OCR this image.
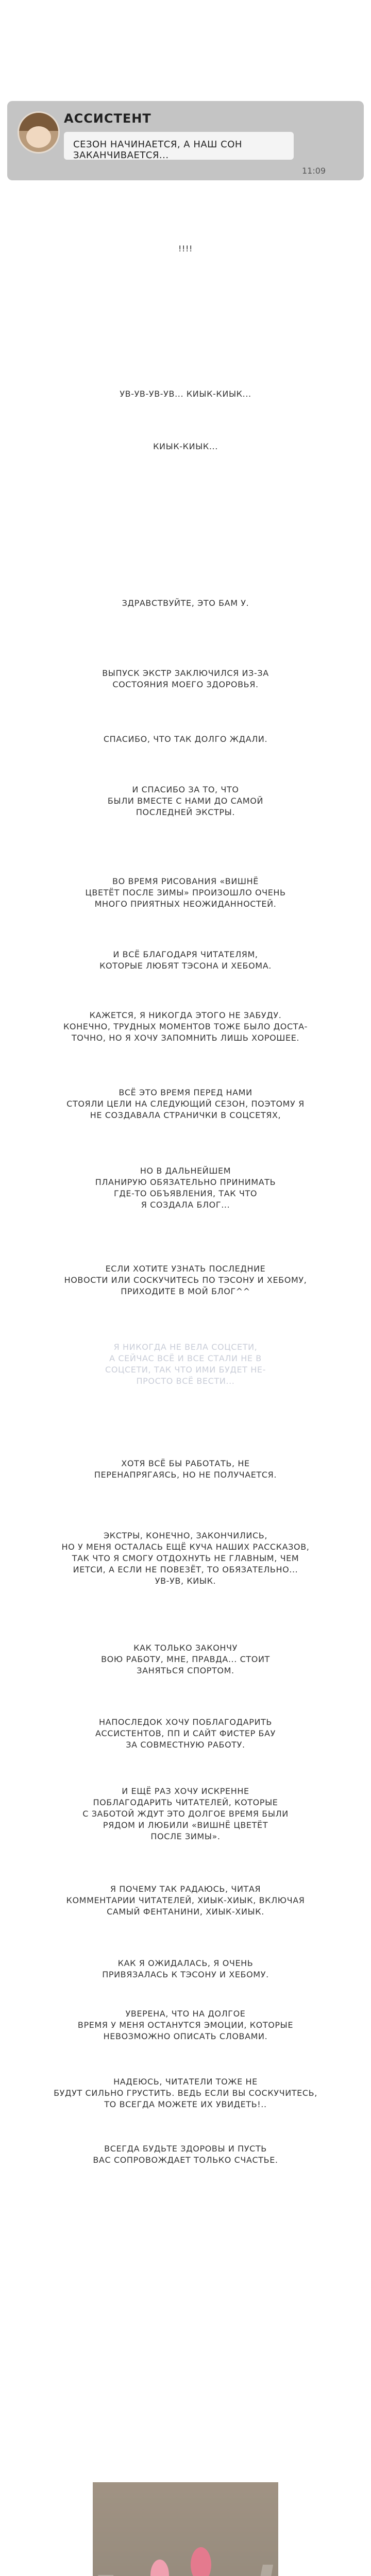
АССИСТЕНТ
СЕЗОН НАЧИНАЕТСЯ, А НАШ СОН ЗАКАНЧИВАЕТСЯ...
11:09
!!!!
УВ-УВ-УВ-УВ... КИЫК-КИЫК...
КИЫК-КИЫК...
ЗДРАВСТВУЙТЕ, ЭТО БАМ У.
ВЫПУСК ЭКСТР ЗАКЛЮЧИЛСЯ ИЗ-ЗА
СОСТОЯНИЯ МОЕГО ЗДОРОВЬЯ.
СПАСИБО, ЧТО ТАК ДОЛГО ЖДАЛИ.
И СПАСИБО ЗА ТО, ЧТО
БЫЛИ ВМЕСТЕ С НАМИ ДО САМОЙ
ПОСЛЕДНЕЙ ЭКСТРЫ.
ВО ВРЕМЯ РИСОВАНИЯ «ВИШНЁ
ЦВЕТЁТ ПОСЛЕ ЗИМЫ» ПРОИЗОШЛО ОЧЕНЬ
МНОГО ПРИЯТНЫХ НЕОЖИДАННОСТЕЙ.
И ВСЁ БЛАГОДАРЯ ЧИТАТЕЛЯМ,
КОТОРЫЕ ЛЮБЯТ ТЭСОНА И ХЕБОМА.
КАЖЕТСЯ, Я НИКОГДА ЭТОГО НЕ ЗАБУДУ.
КОНЕЧНО, ТРУДНЫХ МОМЕНТОВ ТОЖЕ БЫЛО ДОСТА-
ТОЧНО, НО Я ХОЧУ ЗАПОМНИТЬ ЛИШЬ ХОРОШЕЕ.
ВСЁ ЭТО ВРЕМЯ ПЕРЕД НАМИ
СТОЯЛИ ЦЕЛИ НА СЛЕДУЮЩИЙ СЕЗОН, ПОЭТОМУ Я
НЕ СОЗДАВАЛА СТРАНИЧКИ В СОЦСЕТЯХ,
НО В ДАЛЬНЕЙШЕМ
ПЛАНИРУЮ ОБЯЗАТЕЛЬНО ПРИНИМАТЬ
ГДЕ-ТО ОБЪЯВЛЕНИЯ, ТАК ЧТО
Я СОЗДАЛА БЛОГ...
ЕСЛИ ХОТИТЕ УЗНАТЬ ПОСЛЕДНИЕ
НОВОСТИ ИЛИ СОСКУЧИТЕСЬ ПО ТЭСОНУ И ХЕБОМУ,
ПРИХОДИТЕ В МОЙ БЛОГ^^
Я НИКОГДА НЕ ВЕЛА СОЦСЕТИ,
А СЕЙЧАС ВСЁ И ВСЕ СТАЛИ НЕ В
СОЦСЕТИ, ТАК ЧТО ИМИ БУДЕТ НЕ-
ПРОСТО ВСЁ ВЕСТИ...
ХОТЯ ВСЁ БЫ РАБОТАТЬ, НЕ
ПЕРЕНАПРЯГАЯСЬ, НО НЕ ПОЛУЧАЕТСЯ.
ЭКСТРЫ, КОНЕЧНО, ЗАКОНЧИЛИСЬ,
НО У МЕНЯ ОСТАЛАСЬ ЕЩЁ КУЧА НАШИХ РАССКАЗОВ,
ТАК ЧТО Я СМОГУ ОТДОХНУТЬ НЕ ГЛАВНЫМ, ЧЕМ
ИЕТСИ, А ЕСЛИ НЕ ПОВЕЗЁТ, ТО ОБЯЗАТЕЛЬНО...
УВ-УВ, КИЫК.
КАК ТОЛЬКО ЗАКОНЧУ
ВОЮ РАБОТУ, МНЕ, ПРАВДА... СТОИТ
ЗАНЯТЬСЯ СПОРТОМ.
НАПОСЛЕДОК ХОЧУ ПОБЛАГОДАРИТЬ
АССИСТЕНТОВ, ПП И САЙТ ФИСТЕР БАУ
ЗА СОВМЕСТНУЮ РАБОТУ.
И ЕЩЁ РАЗ ХОЧУ ИСКРЕННЕ
ПОБЛАГОДАРИТЬ ЧИТАТЕЛЕЙ, КОТОРЫЕ
С ЗАБОТОЙ ЖДУТ ЭТО ДОЛГОЕ ВРЕМЯ БЫЛИ
РЯДОМ И ЛЮБИЛИ «ВИШНЁ ЦВЕТЁТ
ПОСЛЕ ЗИМЫ».
Я ПОЧЕМУ ТАК РАДАЮСЬ, ЧИТАЯ
КОММЕНТАРИИ ЧИТАТЕЛЕЙ, ХИЫК-ХИЫК, ВКЛЮЧАЯ
САМЫЙ ФЕНТАНИНИ, ХИЫК-ХИЫК.
КАК Я ОЖИДАЛАСЬ, Я ОЧЕНЬ
ПРИВЯЗАЛАСЬ К ТЭСОНУ И ХЕБОМУ.
УВЕРЕНА, ЧТО НА ДОЛГОЕ
ВРЕМЯ У МЕНЯ ОСТАНУТСЯ ЭМОЦИИ, КОТОРЫЕ
НЕВОЗМОЖНО ОПИСАТЬ СЛОВАМИ.
НАДЕЮСЬ, ЧИТАТЕЛИ ТОЖЕ НЕ
БУДУТ СИЛЬНО ГРУСТИТЬ. ВЕДЬ ЕСЛИ ВЫ СОСКУЧИТЕСЬ,
ТО ВСЕГДА МОЖЕТЕ ИХ УВИДЕТЬ!..
ВСЕГДА БУДЬТЕ ЗДОРОВЫ И ПУСТЬ
ВАС СОПРОВОЖДАЕТ ТОЛЬКО СЧАСТЬЕ.
